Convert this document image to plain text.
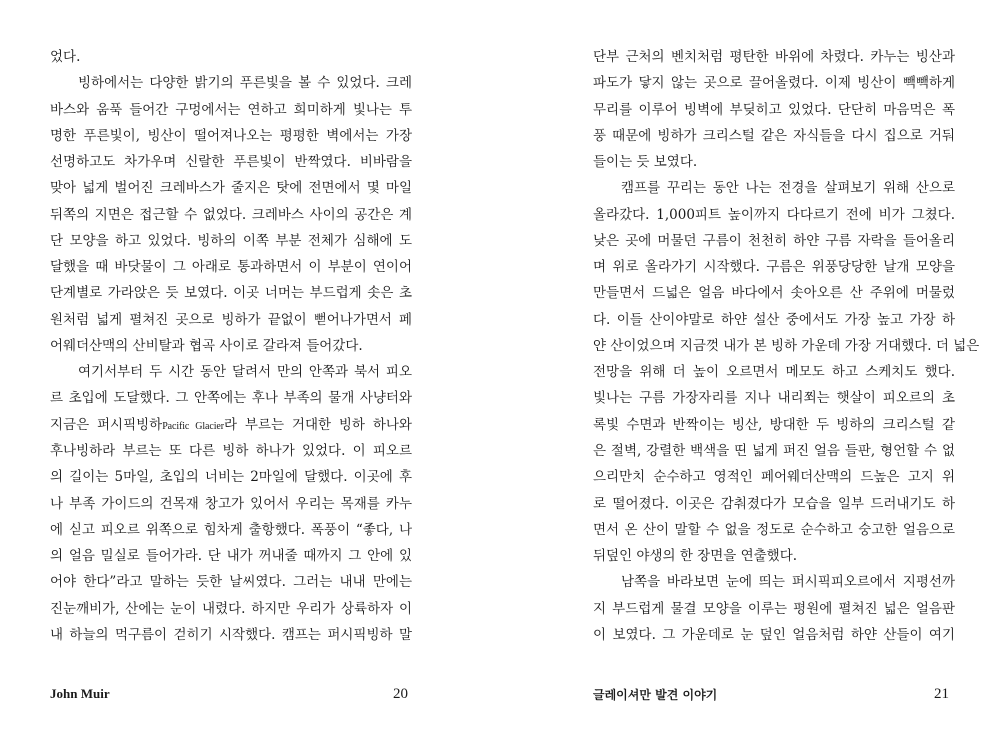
었다.
빙하에서는 다양한 밝기의 푸른빛을 볼 수 있었다. 크레
바스와 움푹 들어간 구멍에서는 연하고 희미하게 빛나는 투
명한 푸른빛이, 빙산이 떨어져나오는 평평한 벽에서는 가장
선명하고도 차가우며 신랄한 푸른빛이 반짝였다. 비바람을
맞아 넓게 벌어진 크레바스가 줄지은 탓에 전면에서 몇 마일
뒤쪽의 지면은 접근할 수 없었다. 크레바스 사이의 공간은 계
단 모양을 하고 있었다. 빙하의 이쪽 부분 전체가 심해에 도
달했을 때 바닷물이 그 아래로 통과하면서 이 부분이 연이어
단계별로 가라앉은 듯 보였다. 이곳 너머는 부드럽게 솟은 초
원처럼 넓게 펼쳐진 곳으로 빙하가 끝없이 뻗어나가면서 페
어웨더산맥의 산비탈과 협곡 사이로 갈라져 들어갔다.
여기서부터 두 시간 동안 달려서 만의 안쪽과 북서 피오
르 초입에 도달했다. 그 안쪽에는 후나 부족의 물개 사냥터와
지금은 퍼시픽빙하Pacific Glacier라 부르는 거대한 빙하 하나와
후나빙하라 부르는 또 다른 빙하 하나가 있었다. 이 피오르
의 길이는 5마일, 초입의 너비는 2마일에 달했다. 이곳에 후
나 부족 가이드의 건목재 창고가 있어서 우리는 목재를 카누
에 싣고 피오르 위쪽으로 힘차게 출항했다. 폭풍이 “좋다, 나
의 얼음 밀실로 들어가라. 단 내가 꺼내줄 때까지 그 안에 있
어야 한다”라고 말하는 듯한 날씨였다. 그러는 내내 만에는
진눈깨비가, 산에는 눈이 내렸다. 하지만 우리가 상륙하자 이
내 하늘의 먹구름이 걷히기 시작했다. 캠프는 퍼시픽빙하 말
John Muir	20
단부 근처의 벤치처럼 평탄한 바위에 차렸다. 카누는 빙산과
파도가 닿지 않는 곳으로 끌어올렸다. 이제 빙산이 빽빽하게
무리를 이루어 빙벽에 부딪히고 있었다. 단단히 마음먹은 폭
풍 때문에 빙하가 크리스털 같은 자식들을 다시 집으로 거둬
들이는 듯 보였다.
캠프를 꾸리는 동안 나는 전경을 살펴보기 위해 산으로
올라갔다. 1,000피트 높이까지 다다르기 전에 비가 그쳤다.
낮은 곳에 머물던 구름이 천천히 하얀 구름 자락을 들어올리
며 위로 올라가기 시작했다. 구름은 위풍당당한 날개 모양을
만들면서 드넓은 얼음 바다에서 솟아오른 산 주위에 머물렀
다. 이들 산이야말로 하얀 설산 중에서도 가장 높고 가장 하
얀 산이었으며 지금껏 내가 본 빙하 가운데 가장 거대했다. 더 넓은
전망을 위해 더 높이 오르면서 메모도 하고 스케치도 했다.
빛나는 구름 가장자리를 지나 내리쬐는 햇살이 피오르의 초
록빛 수면과 반짝이는 빙산, 방대한 두 빙하의 크리스털 같
은 절벽, 강렬한 백색을 띤 넓게 퍼진 얼음 들판, 형언할 수 없
으리만치 순수하고 영적인 페어웨더산맥의 드높은 고지 위
로 떨어졌다. 이곳은 감춰졌다가 모습을 일부 드러내기도 하
면서 온 산이 말할 수 없을 정도로 순수하고 숭고한 얼음으로
뒤덮인 야생의 한 장면을 연출했다.
남쪽을 바라보면 눈에 띄는 퍼시픽피오르에서 지평선까
지 부드럽게 물결 모양을 이루는 평원에 펼쳐진 넓은 얼음판
이 보였다. 그 가운데로 눈 덮인 얼음처럼 하얀 산들이 여기
글레이셔만 발견 이야기	21
